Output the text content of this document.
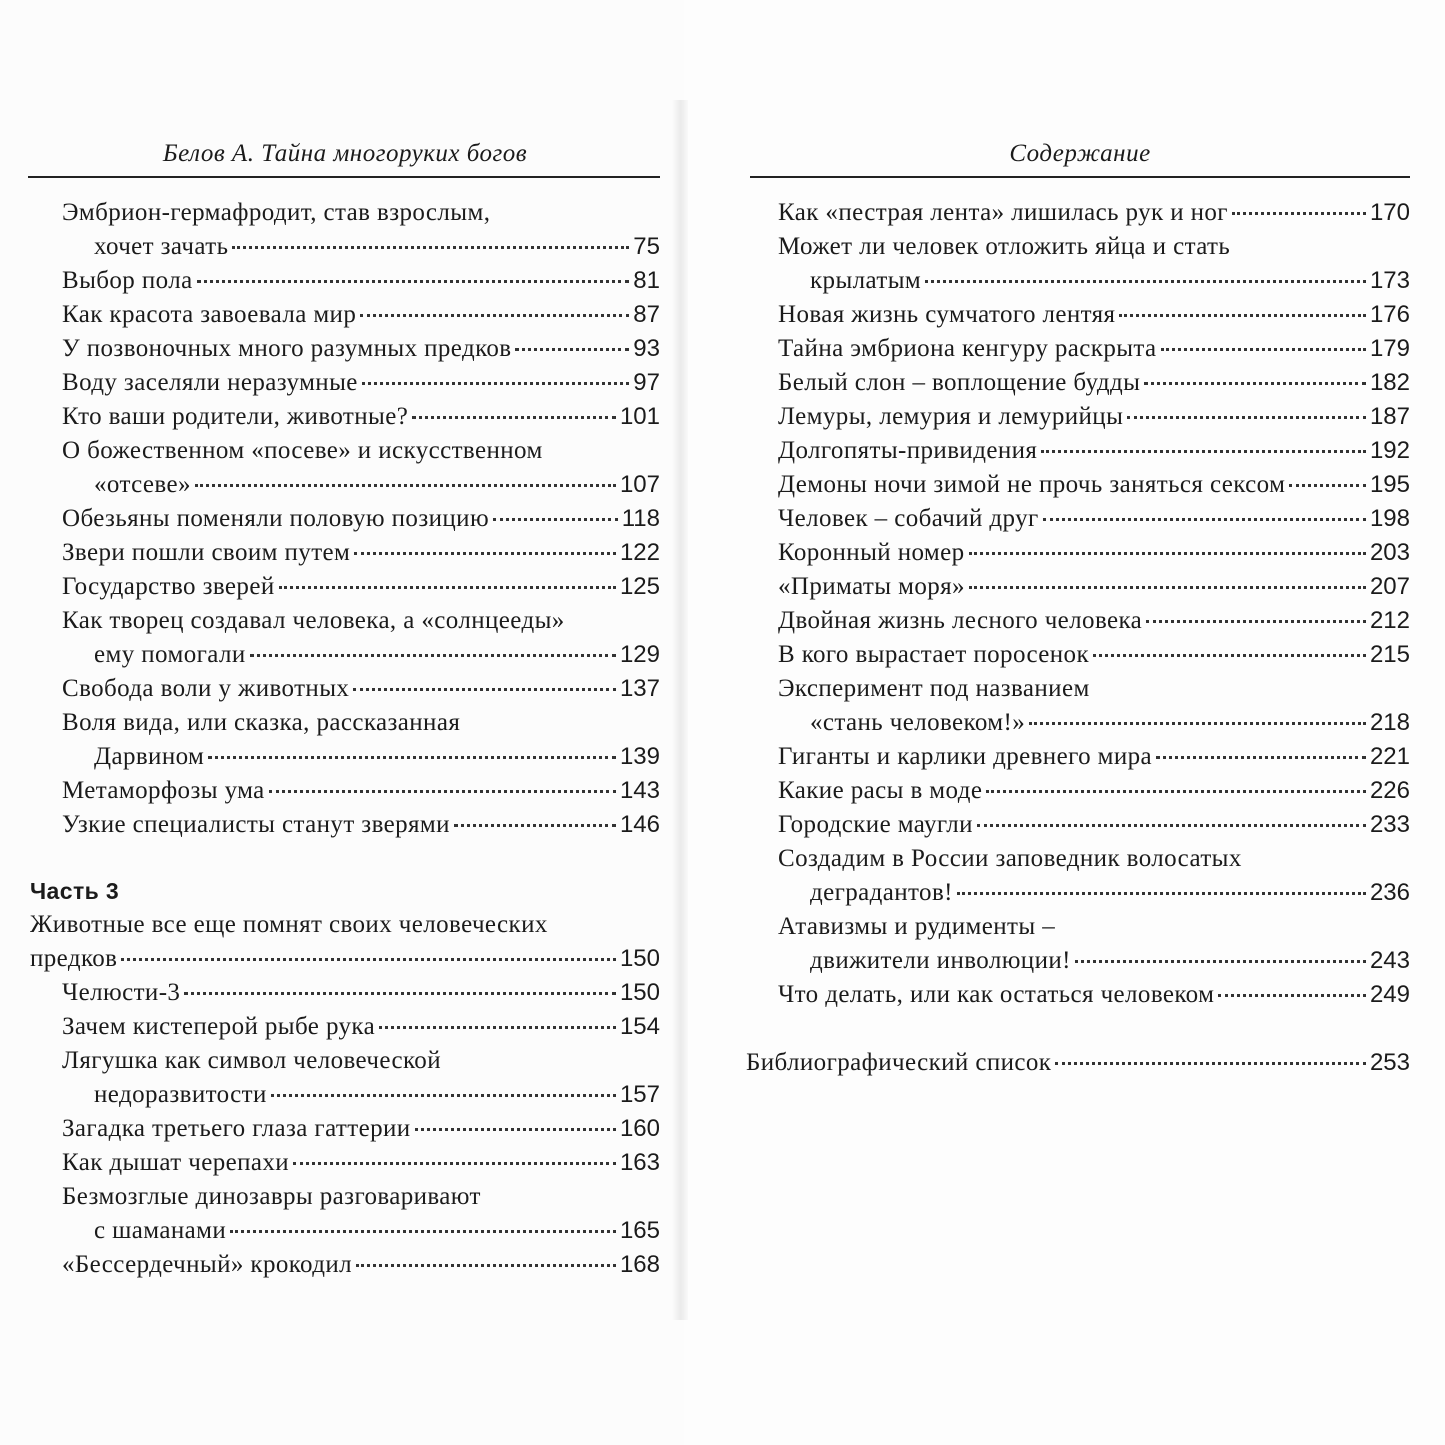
Белов А. Тайна многоруких богов	Содержание
Эмбрион-гермафродит, став взрослым,
хочет зачать	75
Выбор пола	81
Как красота завоевала мир	87
У позвоночных много разумных предков	93
Воду заселяли неразумные	97
Кто ваши родители, животные?	101
О божественном «посеве» и искусственном
«отсеве»	107
Обезьяны поменяли половую позицию	118
Звери пошли своим путем	122
Государство зверей	125
Как творец создавал человека, а «солнцееды»
ему помогали	129
Свобода воли у животных	137
Воля вида, или сказка, рассказанная
Дарвином	139
Метаморфозы ума	143
Узкие специалисты станут зверями	146
Часть 3
Животные все еще помнят своих человеческих
предков	150
Челюсти-3	150
Зачем кистеперой рыбе рука	154
Лягушка как символ человеческой
недоразвитости	157
Загадка третьего глаза гаттерии	160
Как дышат черепахи	163
Безмозглые динозавры разговаривают
с шаманами	165
«Бессердечный» крокодил	168
Как «пестрая лента» лишилась рук и ног	170
Может ли человек отложить яйца и стать
крылатым	173
Новая жизнь сумчатого лентяя	176
Тайна эмбриона кенгуру раскрыта	179
Белый слон – воплощение будды	182
Лемуры, лемурия и лемурийцы	187
Долгопяты-привидения	192
Демоны ночи зимой не прочь заняться сексом	195
Человек – собачий друг	198
Коронный номер	203
«Приматы моря»	207
Двойная жизнь лесного человека	212
В кого вырастает поросенок	215
Эксперимент под названием
«стань человеком!»	218
Гиганты и карлики древнего мира	221
Какие расы в моде	226
Городские маугли	233
Создадим в России заповедник волосатых
деградантов!	236
Атавизмы и рудименты –
движители инволюции!	243
Что делать, или как остаться человеком	249
Библиографический список	253
